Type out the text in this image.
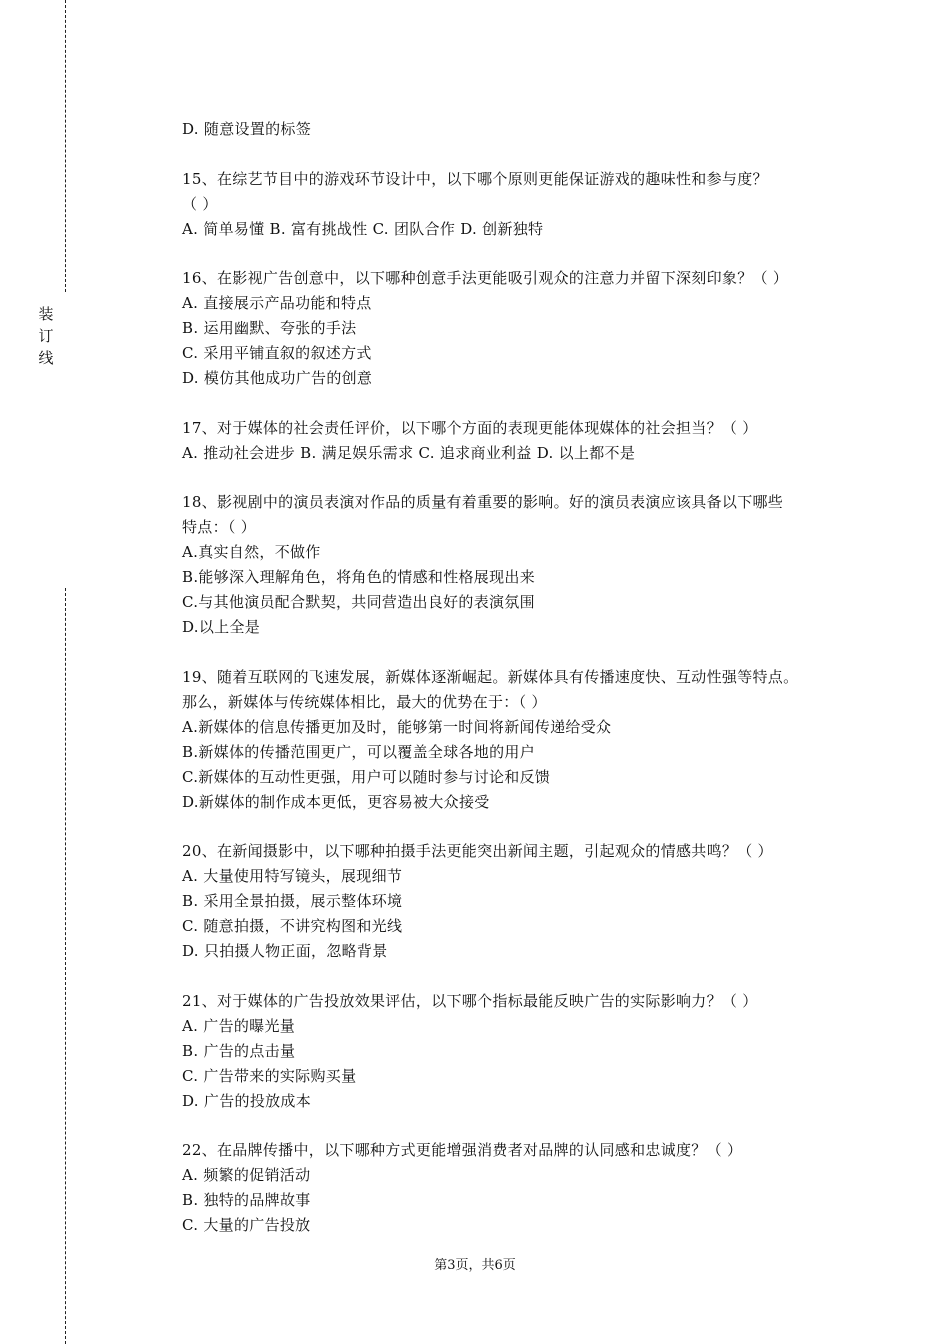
装订线
D. 随意设置的标签
15、在综艺节目中的游戏环节设计中，以下哪个原则更能保证游戏的趣味性和参与度？
（ ）
A. 简单易懂 B. 富有挑战性 C. 团队合作 D. 创新独特
16、在影视广告创意中，以下哪种创意手法更能吸引观众的注意力并留下深刻印象？（ ）
A. 直接展示产品功能和特点
B. 运用幽默、夸张的手法
C. 采用平铺直叙的叙述方式
D. 模仿其他成功广告的创意
17、对于媒体的社会责任评价，以下哪个方面的表现更能体现媒体的社会担当？（ ）
A. 推动社会进步 B. 满足娱乐需求 C. 追求商业利益 D. 以上都不是
18、影视剧中的演员表演对作品的质量有着重要的影响。好的演员表演应该具备以下哪些
特点：（ ）
A.真实自然，不做作
B.能够深入理解角色，将角色的情感和性格展现出来
C.与其他演员配合默契，共同营造出良好的表演氛围
D.以上全是
19、随着互联网的飞速发展，新媒体逐渐崛起。新媒体具有传播速度快、互动性强等特点。
那么，新媒体与传统媒体相比，最大的优势在于：（ ）
A.新媒体的信息传播更加及时，能够第一时间将新闻传递给受众
B.新媒体的传播范围更广，可以覆盖全球各地的用户
C.新媒体的互动性更强，用户可以随时参与讨论和反馈
D.新媒体的制作成本更低，更容易被大众接受
20、在新闻摄影中，以下哪种拍摄手法更能突出新闻主题，引起观众的情感共鸣？（ ）
A. 大量使用特写镜头，展现细节
B. 采用全景拍摄，展示整体环境
C. 随意拍摄，不讲究构图和光线
D. 只拍摄人物正面，忽略背景
21、对于媒体的广告投放效果评估，以下哪个指标最能反映广告的实际影响力？（ ）
A. 广告的曝光量
B. 广告的点击量
C. 广告带来的实际购买量
D. 广告的投放成本
22、在品牌传播中，以下哪种方式更能增强消费者对品牌的认同感和忠诚度？（ ）
A. 频繁的促销活动
B. 独特的品牌故事
C. 大量的广告投放
第3页，共6页
